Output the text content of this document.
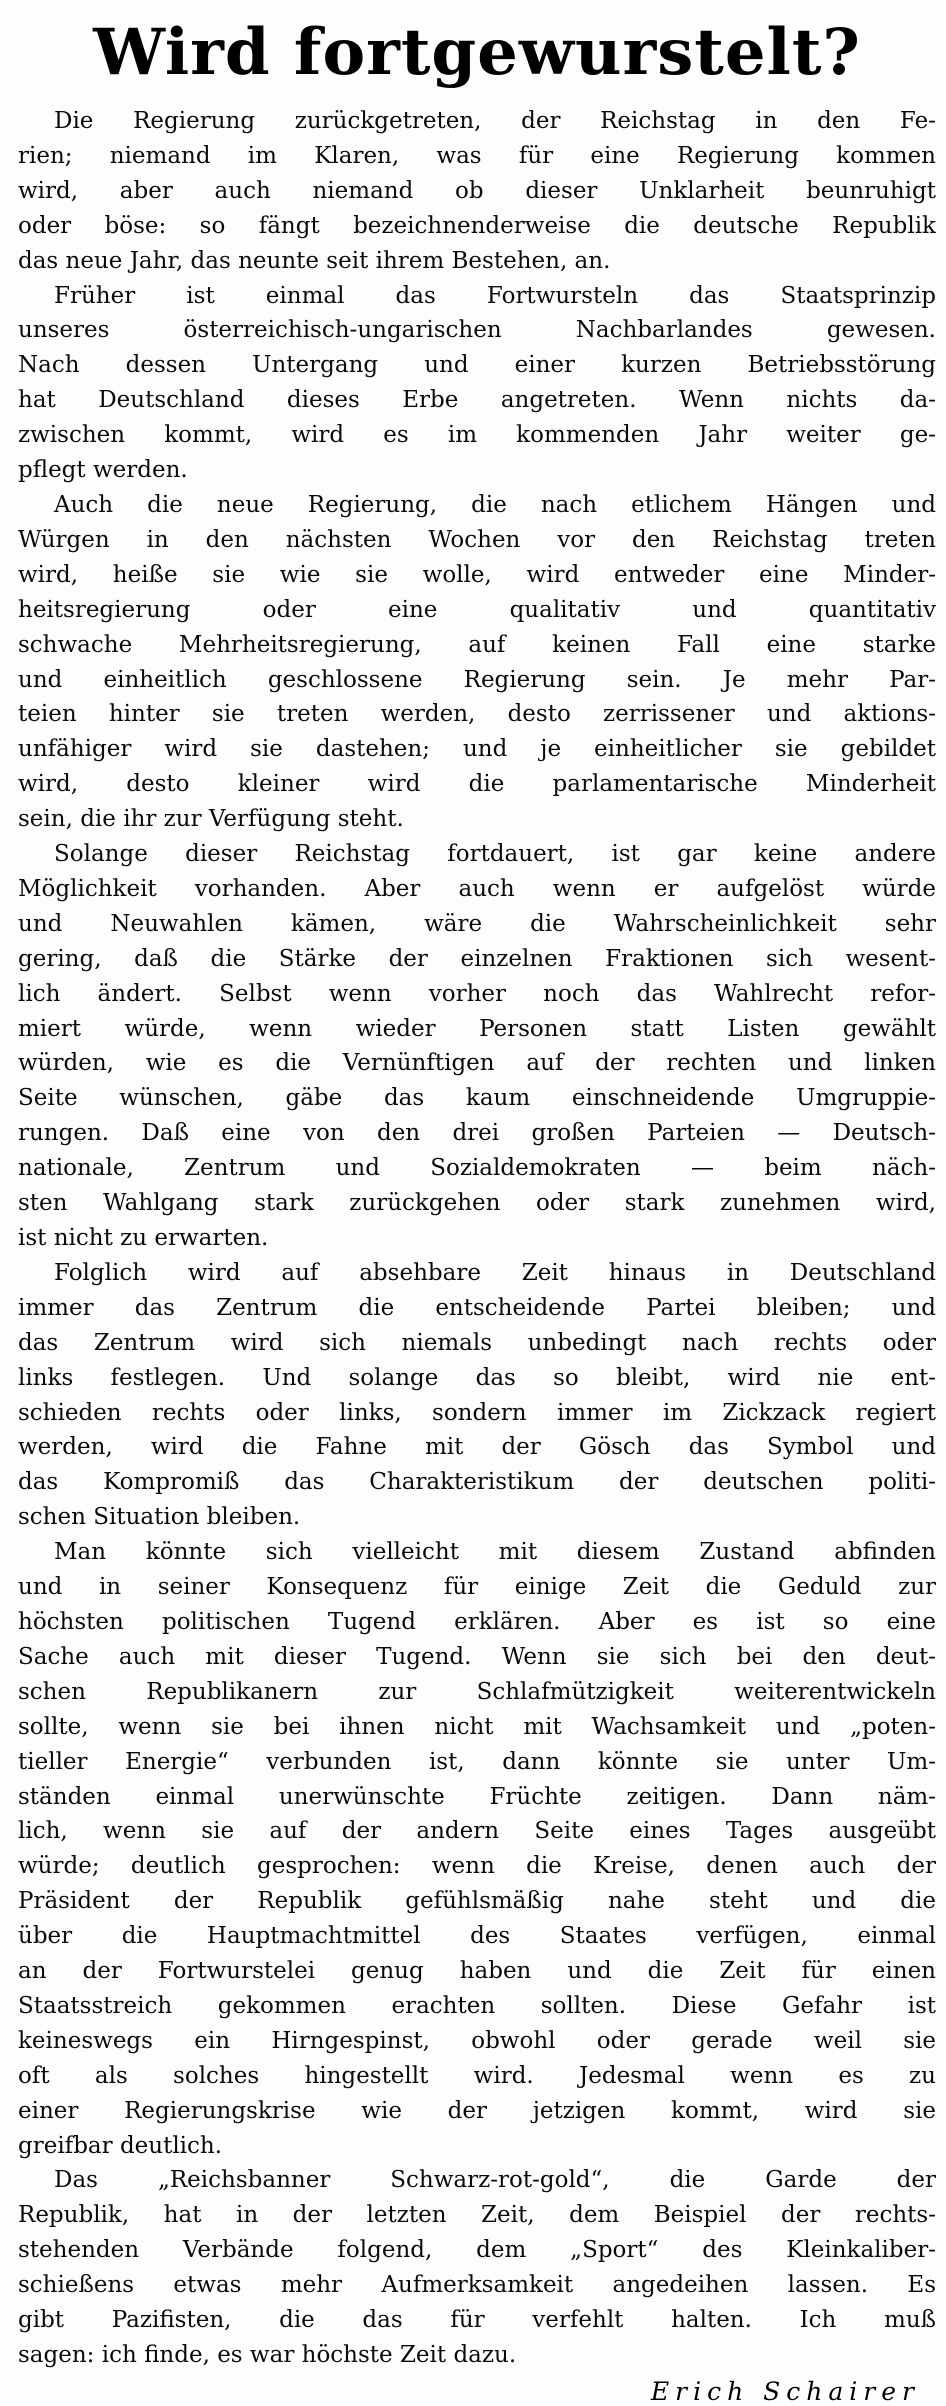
Wird fortgewurstelt?

Die Regierung zurückgetreten, der Reichstag in den Fe-
rien; niemand im Klaren, was für eine Regierung kommen
wird, aber auch niemand ob dieser Unklarheit beunruhigt
oder böse: so fängt bezeichnenderweise die deutsche Republik
das neue Jahr, das neunte seit ihrem Bestehen, an.

Früher ist einmal das Fortwursteln das Staatsprinzip
unseres österreichisch-ungarischen Nachbarlandes gewesen.
Nach dessen Untergang und einer kurzen Betriebsstörung
hat Deutschland dieses Erbe angetreten. Wenn nichts da-
zwischen kommt, wird es im kommenden Jahr weiter ge-
pflegt werden.

Auch die neue Regierung, die nach etlichem Hängen und
Würgen in den nächsten Wochen vor den Reichstag treten
wird, heiße sie wie sie wolle, wird entweder eine Minder-
heitsregierung oder eine qualitativ und quantitativ
schwache Mehrheitsregierung, auf keinen Fall eine starke
und einheitlich geschlossene Regierung sein. Je mehr Par-
teien hinter sie treten werden, desto zerrissener und aktions-
unfähiger wird sie dastehen; und je einheitlicher sie gebildet
wird, desto kleiner wird die parlamentarische Minderheit
sein, die ihr zur Verfügung steht.

Solange dieser Reichstag fortdauert, ist gar keine andere
Möglichkeit vorhanden. Aber auch wenn er aufgelöst würde
und Neuwahlen kämen, wäre die Wahrscheinlichkeit sehr
gering, daß die Stärke der einzelnen Fraktionen sich wesent-
lich ändert. Selbst wenn vorher noch das Wahlrecht refor-
miert würde, wenn wieder Personen statt Listen gewählt
würden, wie es die Vernünftigen auf der rechten und linken
Seite wünschen, gäbe das kaum einschneidende Umgruppie-
rungen. Daß eine von den drei großen Parteien — Deutsch-
nationale, Zentrum und Sozialdemokraten — beim näch-
sten Wahlgang stark zurückgehen oder stark zunehmen wird,
ist nicht zu erwarten.

Folglich wird auf absehbare Zeit hinaus in Deutschland
immer das Zentrum die entscheidende Partei bleiben; und
das Zentrum wird sich niemals unbedingt nach rechts oder
links festlegen. Und solange das so bleibt, wird nie ent-
schieden rechts oder links, sondern immer im Zickzack regiert
werden, wird die Fahne mit der Gösch das Symbol und
das Kompromiß das Charakteristikum der deutschen politi-
schen Situation bleiben.

Man könnte sich vielleicht mit diesem Zustand abfinden
und in seiner Konsequenz für einige Zeit die Geduld zur
höchsten politischen Tugend erklären. Aber es ist so eine
Sache auch mit dieser Tugend. Wenn sie sich bei den deut-
schen Republikanern zur Schlafmützigkeit weiterentwickeln
sollte, wenn sie bei ihnen nicht mit Wachsamkeit und „poten-
tieller Energie“ verbunden ist, dann könnte sie unter Um-
ständen einmal unerwünschte Früchte zeitigen. Dann näm-
lich, wenn sie auf der andern Seite eines Tages ausgeübt
würde; deutlich gesprochen: wenn die Kreise, denen auch der
Präsident der Republik gefühlsmäßig nahe steht und die
über die Hauptmachtmittel des Staates verfügen, einmal
an der Fortwurstelei genug haben und die Zeit für einen
Staatsstreich gekommen erachten sollten. Diese Gefahr ist
keineswegs ein Hirngespinst, obwohl oder gerade weil sie
oft als solches hingestellt wird. Jedesmal wenn es zu
einer Regierungskrise wie der jetzigen kommt, wird sie
greifbar deutlich.

Das „Reichsbanner Schwarz-rot-gold“, die Garde der
Republik, hat in der letzten Zeit, dem Beispiel der rechts-
stehenden Verbände folgend, dem „Sport“ des Kleinkaliber-
schießens etwas mehr Aufmerksamkeit angedeihen lassen. Es
gibt Pazifisten, die das für verfehlt halten. Ich muß
sagen: ich finde, es war höchste Zeit dazu.

Erich Schairer
